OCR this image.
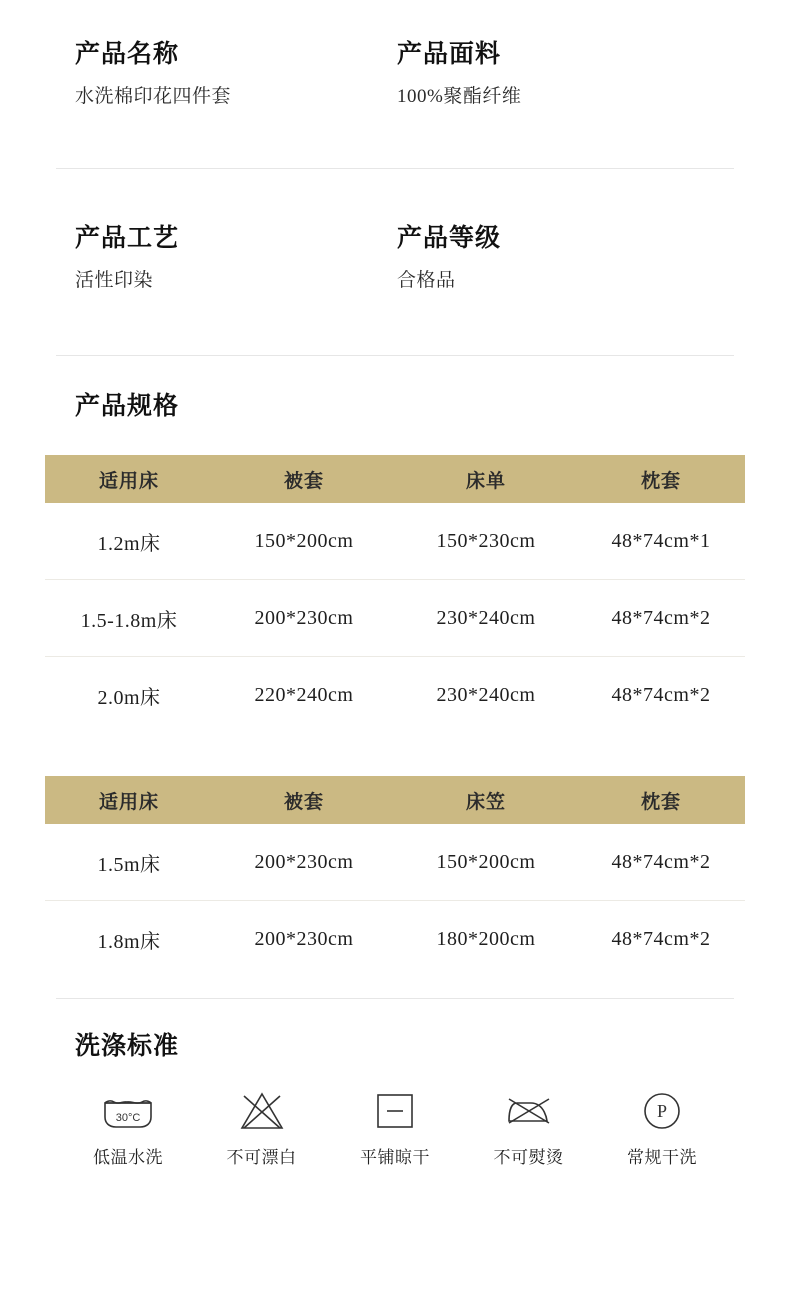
产品名称
水洗棉印花四件套
产品面料
100%聚酯纤维
产品工艺
活性印染
产品等级
合格品
产品规格
适用床	被套	床单	枕套
1.2m床	150*200cm	150*230cm	48*74cm*1
1.5-1.8m床	200*230cm	230*240cm	48*74cm*2
2.0m床	220*240cm	230*240cm	48*74cm*2
适用床	被套	床笠	枕套
1.5m床	200*230cm	150*200cm	48*74cm*2
1.8m床	200*230cm	180*200cm	48*74cm*2
洗涤标准
30°C
低温水洗	不可漂白	平铺晾干	不可熨烫
P
常规干洗
